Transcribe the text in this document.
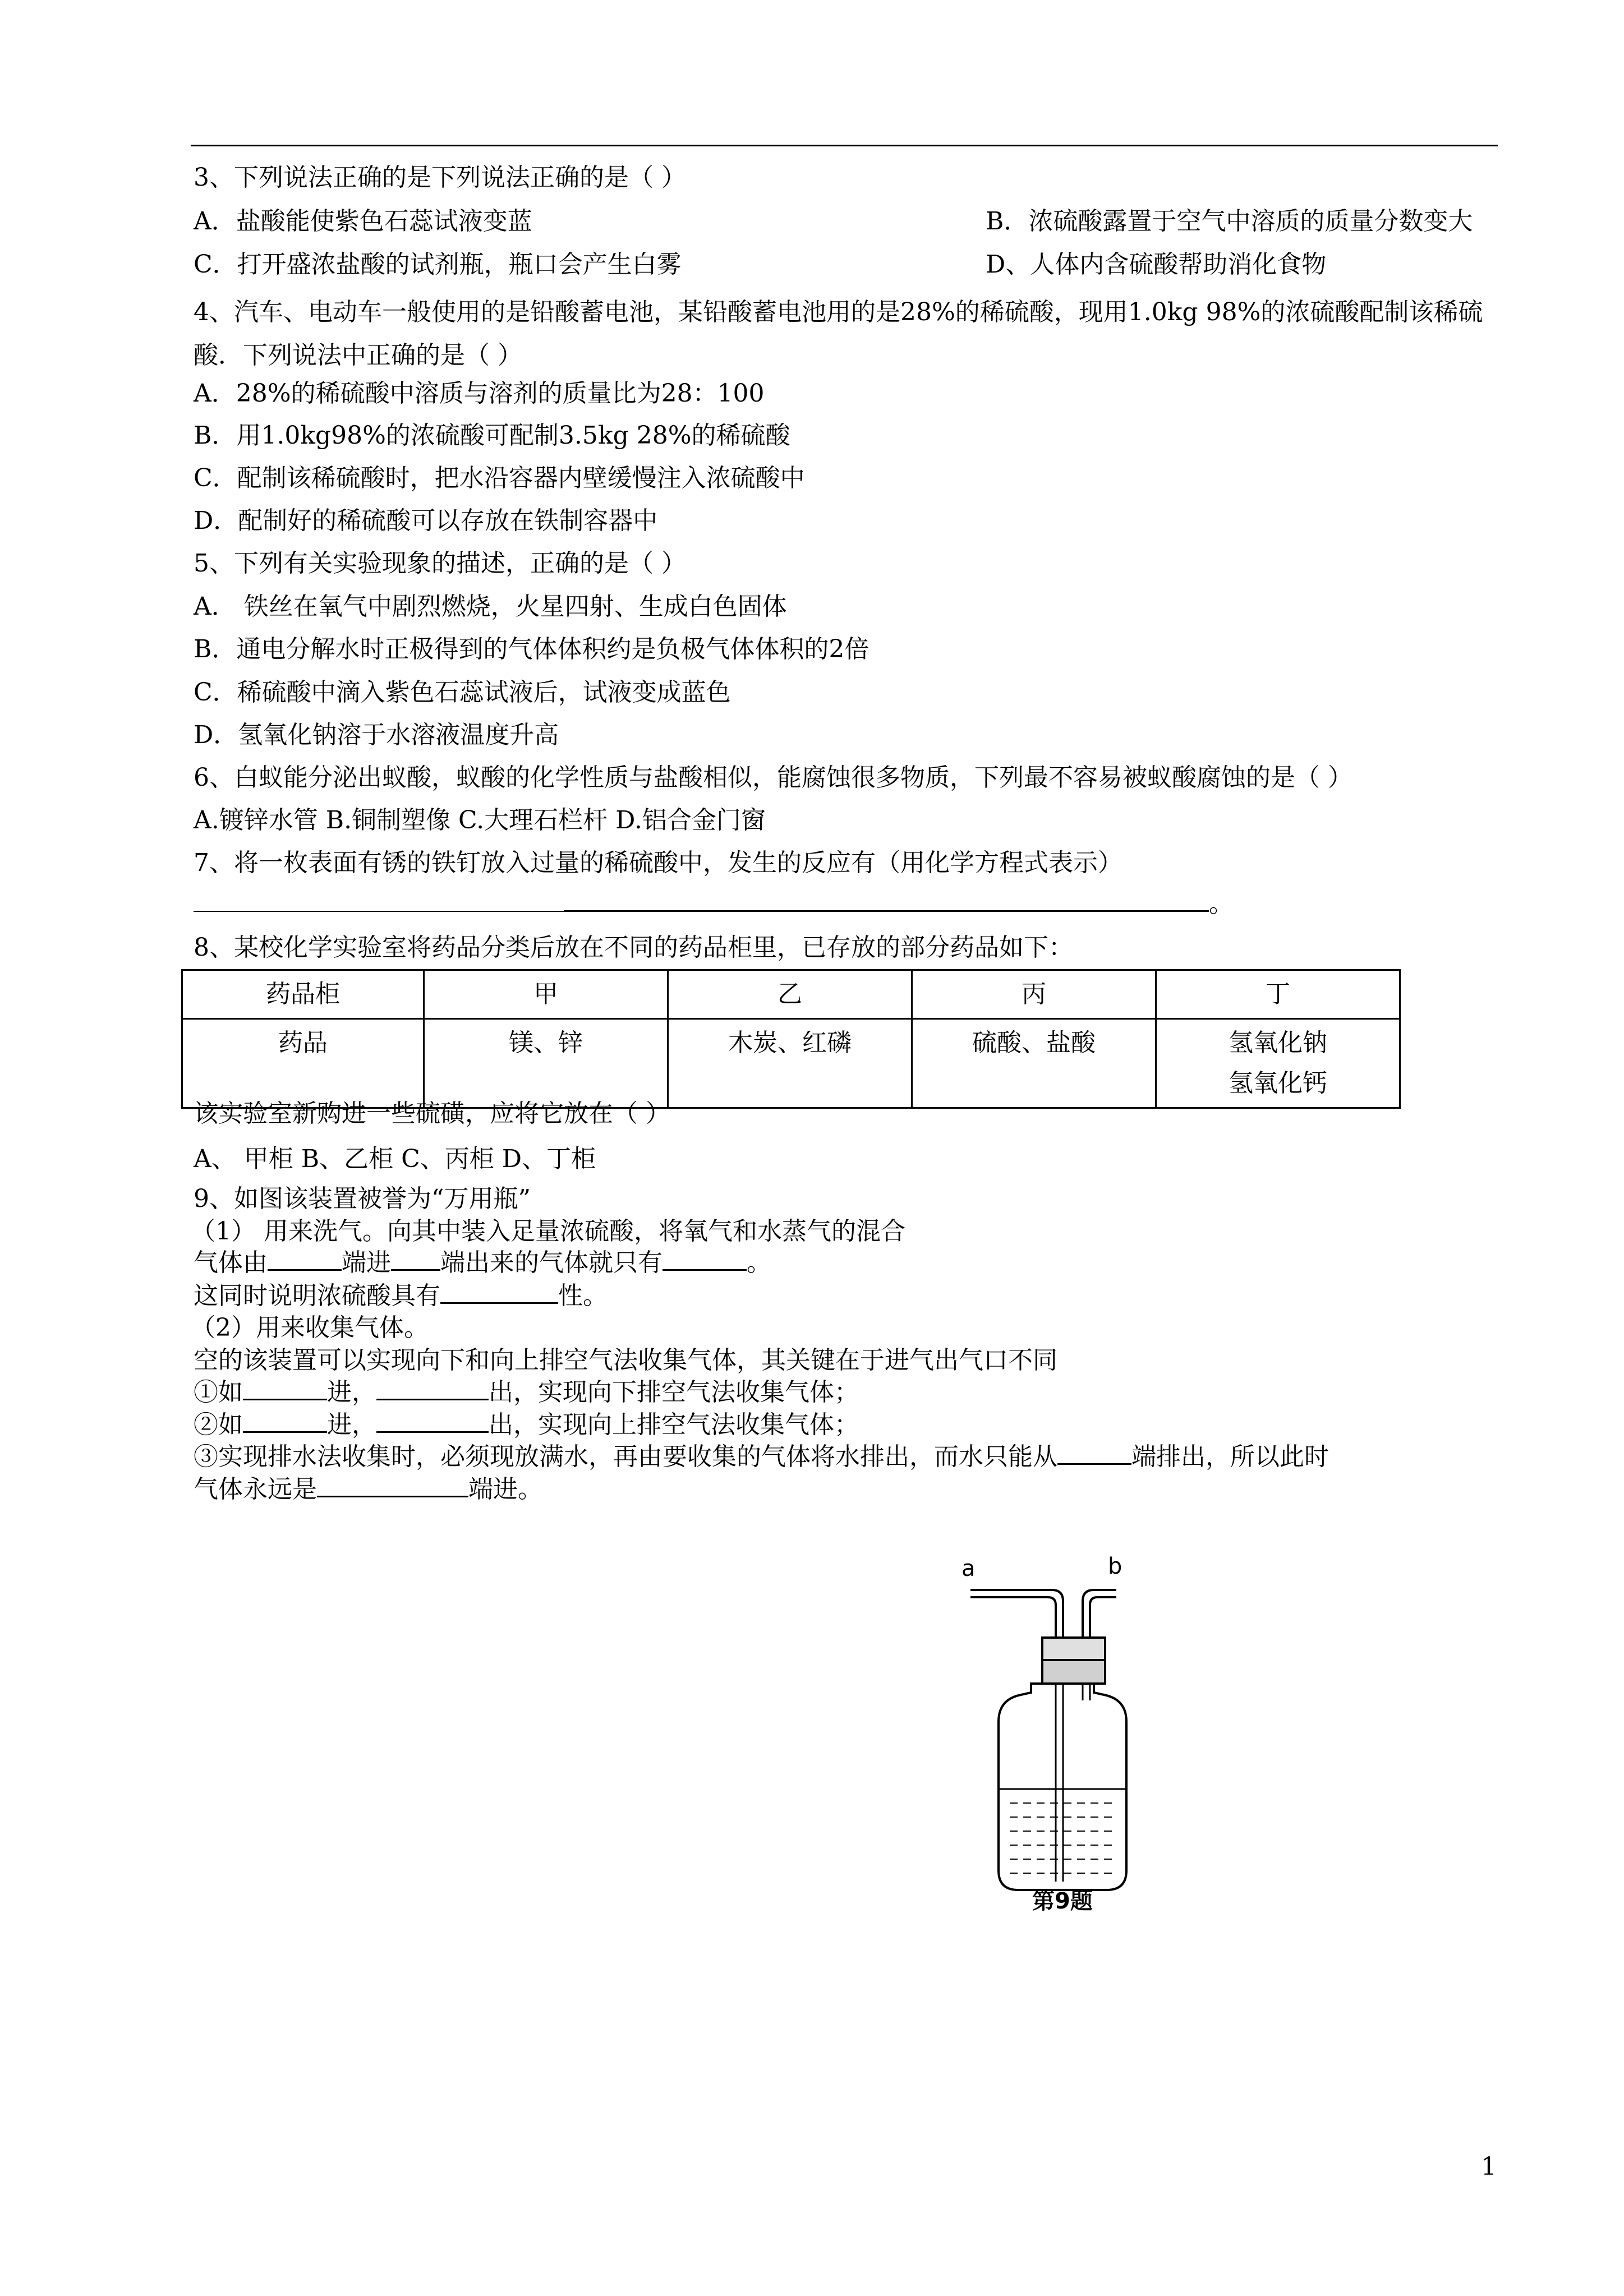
3、下列说法正确的是下列说法正确的是（ ）
A．盐酸能使紫色石蕊试液变蓝	B．浓硫酸露置于空气中溶质的质量分数变大
C．打开盛浓盐酸的试剂瓶，瓶口会产生白雾	D、人体内含硫酸帮助消化食物
4、汽车、电动车一般使用的是铅酸蓄电池，某铅酸蓄电池用的是28%的稀硫酸，现用1.0kg 98%的浓硫酸配制该稀硫酸．下列说法中正确的是（ ）
A．28%的稀硫酸中溶质与溶剂的质量比为28：100
B．用1.0kg98%的浓硫酸可配制3.5kg 28%的稀硫酸
C．配制该稀硫酸时，把水沿容器内壁缓慢注入浓硫酸中
D．配制好的稀硫酸可以存放在铁制容器中
5、下列有关实验现象的描述，正确的是（ ）
A． 铁丝在氧气中剧烈燃烧，火星四射、生成白色固体
B．通电分解水时正极得到的气体体积约是负极气体体积的2倍
C．稀硫酸中滴入紫色石蕊试液后，试液变成蓝色
D．氢氧化钠溶于水溶液温度升高
6、白蚁能分泌出蚁酸，蚁酸的化学性质与盐酸相似，能腐蚀很多物质，下列最不容易被蚁酸腐蚀的是（ ）
A.镀锌水管 B.铜制塑像 C.大理石栏杆 D.铝合金门窗
7、将一枚表面有锈的铁钉放入过量的稀硫酸中，发生的反应有（用化学方程式表示）
。
8、某校化学实验室将药品分类后放在不同的药品柜里，已存放的部分药品如下：
药品柜	甲	乙	丙	丁
药品	镁、锌	木炭、红磷	硫酸、盐酸	氢氧化钠
氢氧化钙
该实验室新购进一些硫磺，应将它放在（ ）
A、 甲柜 B、乙柜 C、丙柜 D、丁柜
9、如图该装置被誉为“万用瓶”
（1） 用来洗气。向其中装入足量浓硫酸，将氧气和水蒸气的混合
气体由	端进 端出来的气体就只有	。
这同时说明浓硫酸具有	性。
（2）用来收集气体。
空的该装置可以实现向下和向上排空气法收集气体，其关键在于进气出气口不同
①如	进，	出，实现向下排空气法收集气体；
②如	进，	出，实现向上排空气法收集气体；
③实现排水法收集时，必须现放满水，再由要收集的气体将水排出，而水只能从	端排出，所以此时
气体永远是	端进。
a	b
第9题
1
